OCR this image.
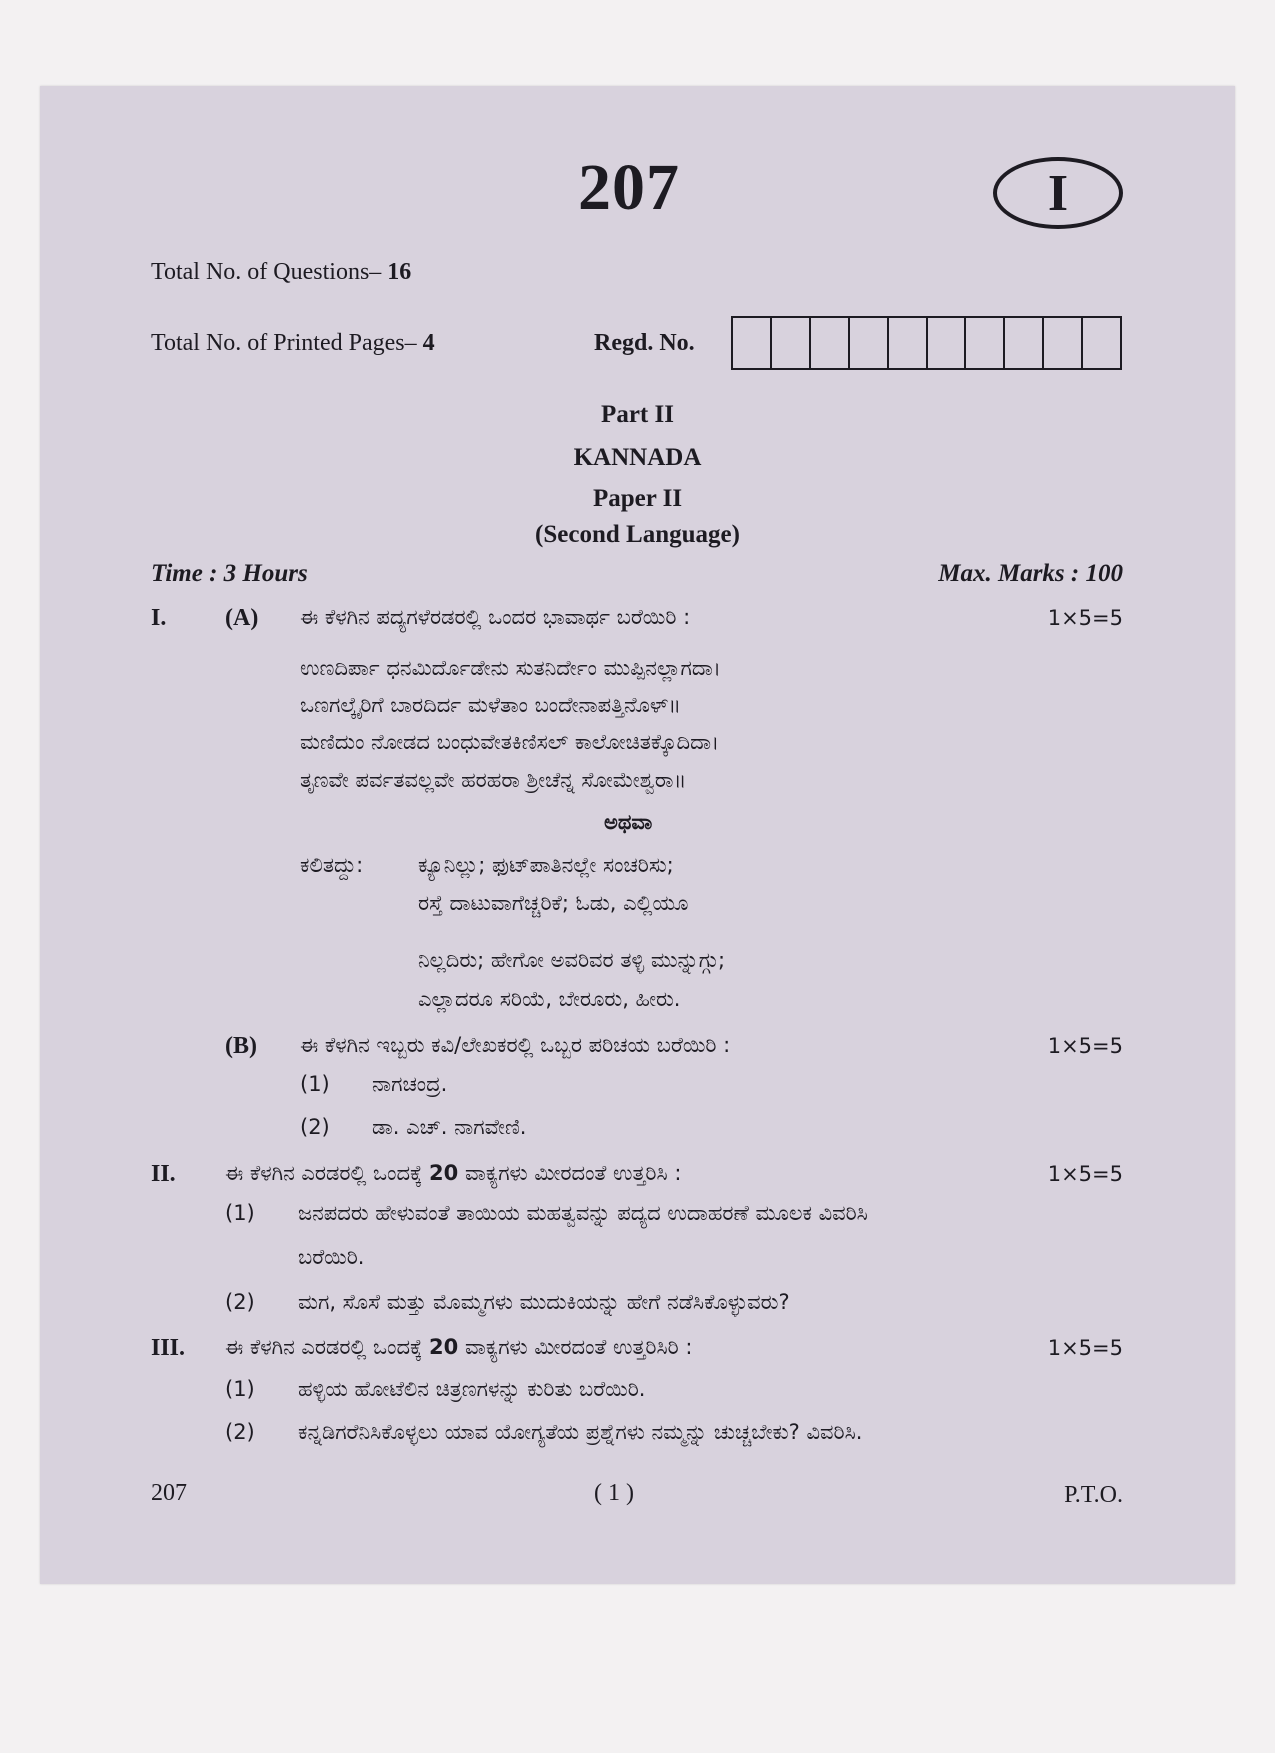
207	I
Total No. of Questions– 16
Total No. of Printed Pages– 4	Regd. No.
Part II
KANNADA
Paper II
(Second Language)
Time : 3 Hours	Max. Marks : 100
I. (A) ಈ ಕೆಳಗಿನ ಪದ್ಯಗಳೆರಡರಲ್ಲಿ ಒಂದರ ಭಾವಾರ್ಥ ಬರೆಯಿರಿ :	1×5=5
ಉಣದಿರ್ಪಾ ಧನಮಿರ್ದೊಡೇನು ಸುತನಿರ್ದೇಂ ಮುಪ್ಪಿನಲ್ಲಾಗದಾ।
ಒಣಗಲ್ಕೈರಿಗೆ ಬಾರದಿರ್ದ ಮಳೆತಾಂ ಬಂದೇನಾಪತ್ತಿನೊಳ್॥
ಮಣಿದುಂ ನೋಡದ ಬಂಧುವೇತಕಿಣಿಸಲ್ ಕಾಲೋಚಿತಕ್ಕೊದಿದಾ।
ತೃಣವೇ ಪರ್ವತವಲ್ಲವೇ ಹರಹರಾ ಶ್ರೀಚೆನ್ನ ಸೋಮೇಶ್ವರಾ॥
ಅಥವಾ
ಕಲಿತದ್ದು:	ಕ್ಯೂನಿಲ್ಲು; ಫುಟ್‌ಪಾತಿನಲ್ಲೇ ಸಂಚರಿಸು;
ರಸ್ತೆ ದಾಟುವಾಗೆಚ್ಚರಿಕೆ; ಓಡು, ಎಲ್ಲಿಯೂ
ನಿಲ್ಲದಿರು; ಹೇಗೋ ಅವರಿವರ ತಳ್ಳಿ ಮುನ್ನುಗ್ಗು;
ಎಲ್ಲಾದರೂ ಸರಿಯೆ, ಬೇರೂರು, ಹೀರು.
(B) ಈ ಕೆಳಗಿನ ಇಬ್ಬರು ಕವಿ/ಲೇಖಕರಲ್ಲಿ ಒಬ್ಬರ ಪರಿಚಯ ಬರೆಯಿರಿ :	1×5=5
(1) ನಾಗಚಂದ್ರ.
(2) ಡಾ. ಎಚ್. ನಾಗವೇಣಿ.
II. ಈ ಕೆಳಗಿನ ಎರಡರಲ್ಲಿ ಒಂದಕ್ಕೆ 20 ವಾಕ್ಯಗಳು ಮೀರದಂತೆ ಉತ್ತರಿಸಿ :	1×5=5
(1) ಜನಪದರು ಹೇಳುವಂತೆ ತಾಯಿಯ ಮಹತ್ವವನ್ನು ಪದ್ಯದ ಉದಾಹರಣೆ ಮೂಲಕ ವಿವರಿಸಿ
ಬರೆಯಿರಿ.
(2) ಮಗ, ಸೊಸೆ ಮತ್ತು ಮೊಮ್ಮಗಳು ಮುದುಕಿಯನ್ನು ಹೇಗೆ ನಡೆಸಿಕೊಳ್ಳುವರು?
III. ಈ ಕೆಳಗಿನ ಎರಡರಲ್ಲಿ ಒಂದಕ್ಕೆ 20 ವಾಕ್ಯಗಳು ಮೀರದಂತೆ ಉತ್ತರಿಸಿರಿ :	1×5=5
(1) ಹಳ್ಳಿಯ ಹೋಟೆಲಿನ ಚಿತ್ರಣಗಳನ್ನು ಕುರಿತು ಬರೆಯಿರಿ.
(2) ಕನ್ನಡಿಗರೆನಿಸಿಕೊಳ್ಳಲು ಯಾವ ಯೋಗ್ಯತೆಯ ಪ್ರಶ್ನೆಗಳು ನಮ್ಮನ್ನು ಚುಚ್ಚಬೇಕು? ವಿವರಿಸಿ.
207	( 1 )	P.T.O.
